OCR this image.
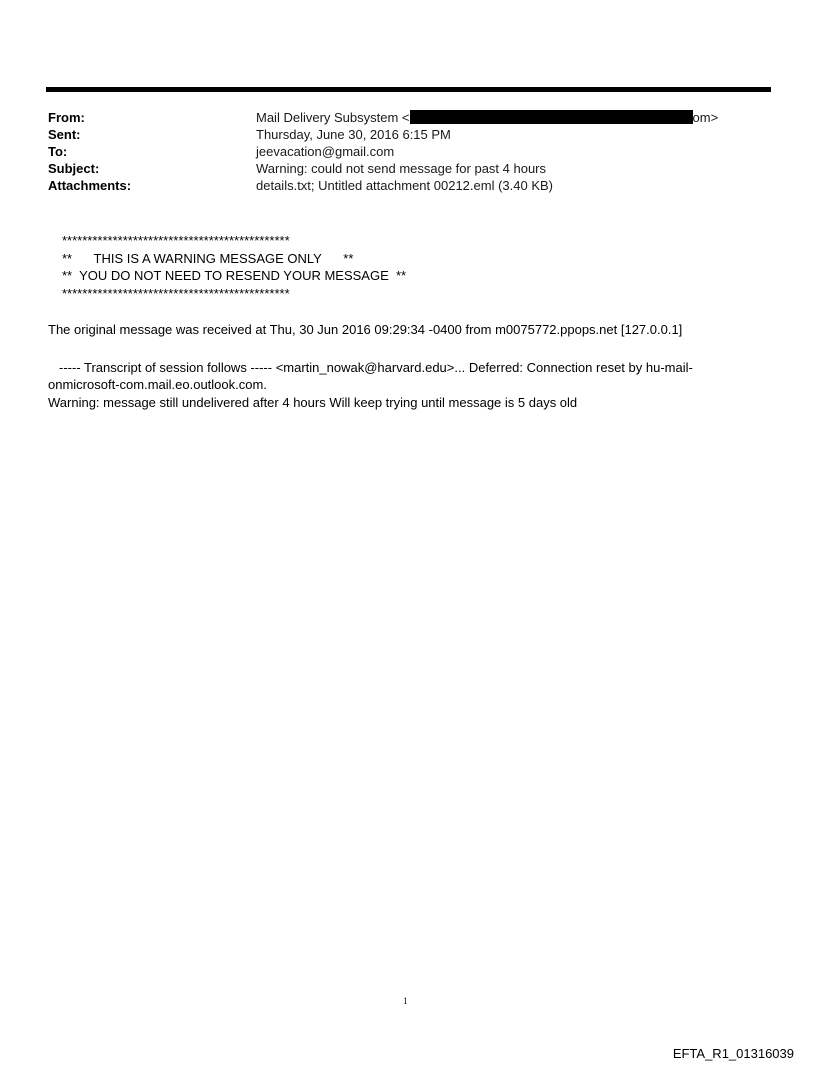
From:	Mail Delivery Subsystem <	om>
Sent:	Thursday, June 30, 2016 6:15 PM
To:	jeevacation@gmail.com
Subject:	Warning: could not send message for past 4 hours
Attachments:	details.txt; Untitled attachment 00212.eml (3.40 KB)
*********************************************
**      THIS IS A WARNING MESSAGE ONLY      **
**  YOU DO NOT NEED TO RESEND YOUR MESSAGE  **
*********************************************
The original message was received at Thu, 30 Jun 2016 09:29:34 -0400 from m0075772.ppops.net [127.0.0.1]
----- Transcript of session follows ----- <martin_nowak@harvard.edu>... Deferred: Connection reset by hu-mail-
onmicrosoft-com.mail.eo.outlook.com.
Warning: message still undelivered after 4 hours Will keep trying until message is 5 days old
1
EFTA_R1_01316039
